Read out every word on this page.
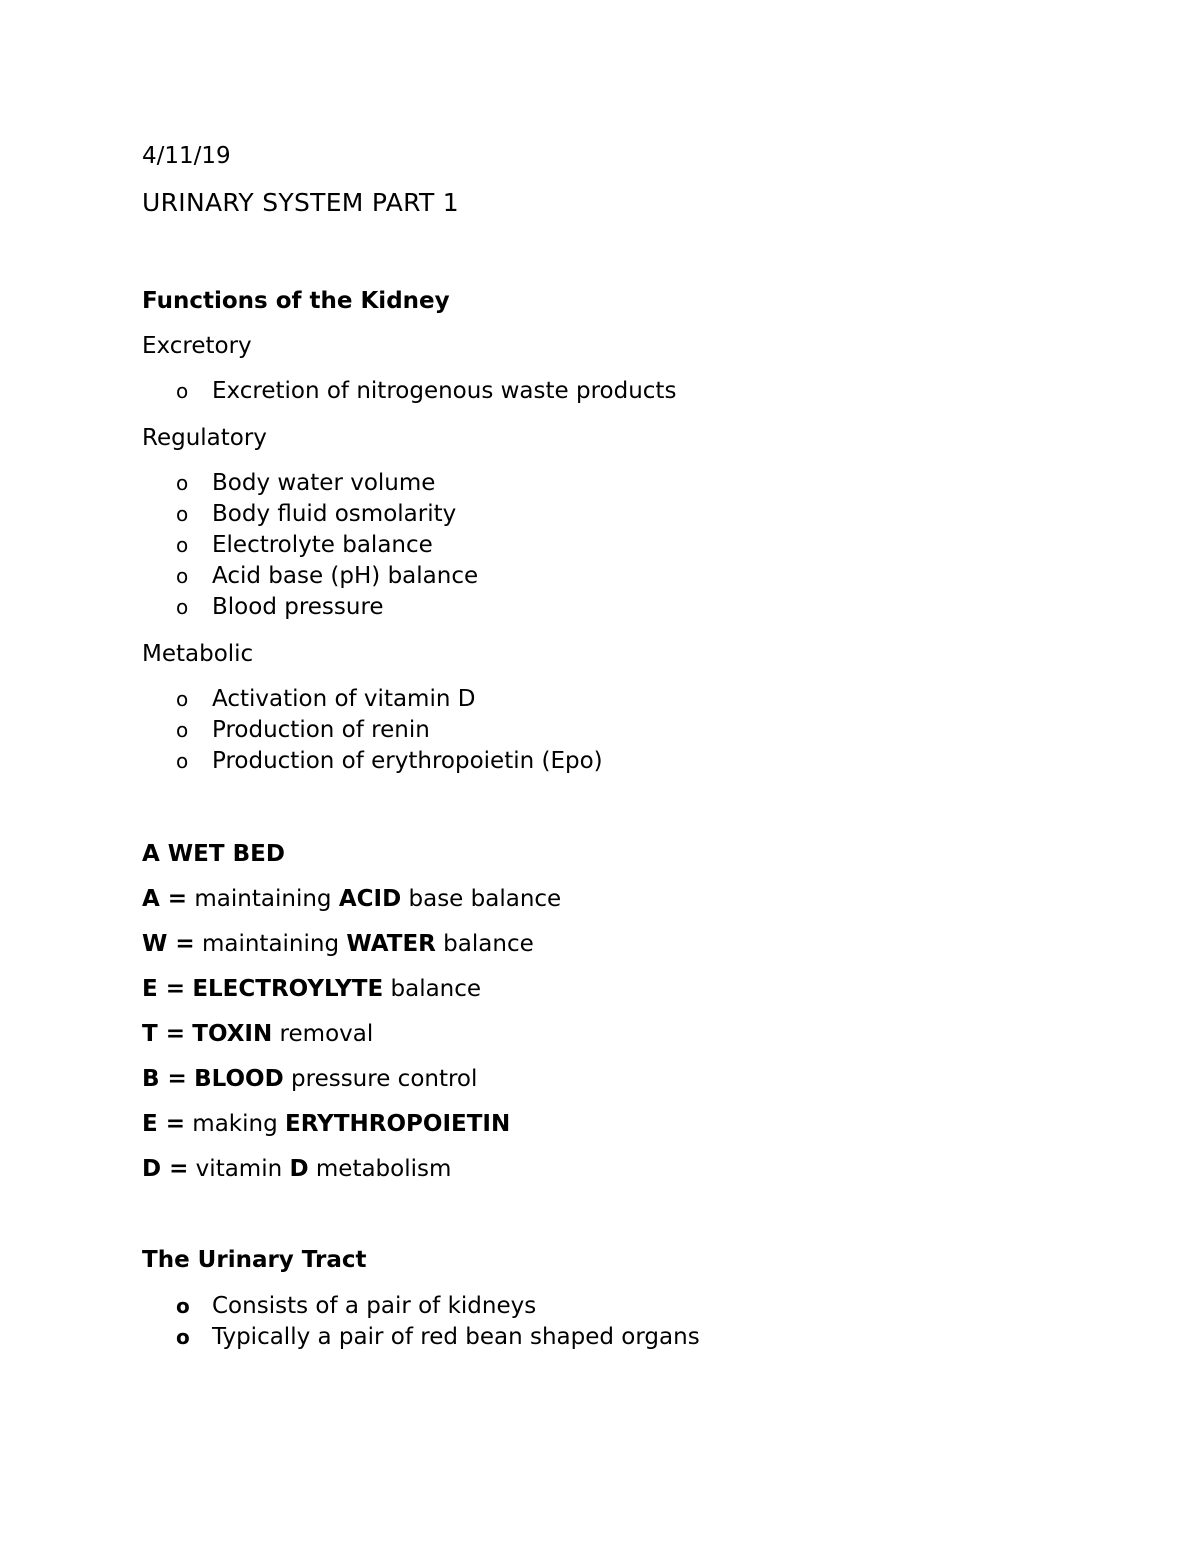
4/11/19
URINARY SYSTEM PART 1
Functions of the Kidney
Excretory
o Excretion of nitrogenous waste products
Regulatory
o Body water volume
o Body fluid osmolarity
o Electrolyte balance
o Acid base (pH) balance
o Blood pressure
Metabolic
o Activation of vitamin D
o Production of renin
o Production of erythropoietin (Epo)
A WET BED
A = maintaining ACID base balance
W = maintaining WATER balance
E = ELECTROYLYTE balance
T = TOXIN removal
B = BLOOD pressure control
E = making ERYTHROPOIETIN
D = vitamin D metabolism
The Urinary Tract
o Consists of a pair of kidneys
o Typically a pair of red bean shaped organs
